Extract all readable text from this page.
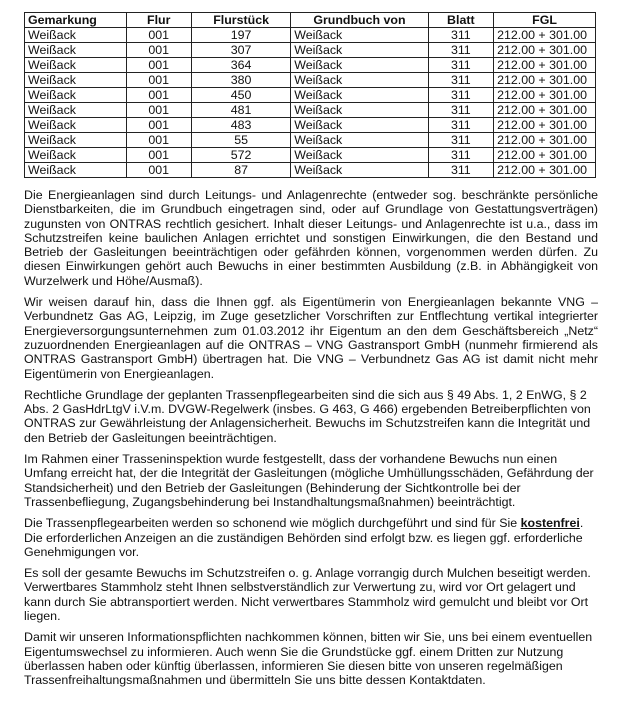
Gemarkung	Flur	Flurstück	Grundbuch von	Blatt	FGL
Weißack	001	197	Weißack	311	212.00 + 301.00
Weißack	001	307	Weißack	311	212.00 + 301.00
Weißack	001	364	Weißack	311	212.00 + 301.00
Weißack	001	380	Weißack	311	212.00 + 301.00
Weißack	001	450	Weißack	311	212.00 + 301.00
Weißack	001	481	Weißack	311	212.00 + 301.00
Weißack	001	483	Weißack	311	212.00 + 301.00
Weißack	001	55	Weißack	311	212.00 + 301.00
Weißack	001	572	Weißack	311	212.00 + 301.00
Weißack	001	87	Weißack	311	212.00 + 301.00

Die Energieanlagen sind durch Leitungs- und Anlagenrechte (entweder sog. beschränkte persönliche Dienstbarkeiten, die im Grundbuch eingetragen sind, oder auf Grundlage von Gestattungsverträgen) zugunsten von ONTRAS rechtlich gesichert. Inhalt dieser Leitungs- und Anlagenrechte ist u.a., dass im Schutzstreifen keine baulichen Anlagen errichtet und sonstigen Einwirkungen, die den Bestand und Betrieb der Gasleitungen beeinträchtigen oder gefährden können, vorgenommen werden dürfen. Zu diesen Einwirkungen gehört auch Bewuchs in einer bestimmten Ausbildung (z.B. in Abhängigkeit von Wurzelwerk und Höhe/Ausmaß).

Wir weisen darauf hin, dass die Ihnen ggf. als Eigentümerin von Energieanlagen bekannte VNG – Verbundnetz Gas AG, Leipzig, im Zuge gesetzlicher Vorschriften zur Entflechtung vertikal integrierter Energieversorgungsunternehmen zum 01.03.2012 ihr Eigentum an den dem Geschäftsbereich „Netz“ zuzuordnenden Energieanlagen auf die ONTRAS – VNG Gastransport GmbH (nunmehr firmierend als ONTRAS Gastransport GmbH) übertragen hat. Die VNG – Verbundnetz Gas AG ist damit nicht mehr Eigentümerin von Energieanlagen.

Rechtliche Grundlage der geplanten Trassenpflegearbeiten sind die sich aus § 49 Abs. 1, 2 EnWG, § 2 Abs. 2 GasHdrLtgV i.V.m. DVGW-Regelwerk (insbes. G 463, G 466) ergebenden Betreiberpflichten von ONTRAS zur Gewährleistung der Anlagensicherheit. Bewuchs im Schutzstreifen kann die Integrität und den Betrieb der Gasleitungen beeinträchtigen.

Im Rahmen einer Trasseninspektion wurde festgestellt, dass der vorhandene Bewuchs nun einen Umfang erreicht hat, der die Integrität der Gasleitungen (mögliche Umhüllungsschäden, Gefährdung der Standsicherheit) und den Betrieb der Gasleitungen (Behinderung der Sichtkontrolle bei der Trassenbefliegung, Zugangsbehinderung bei Instandhaltungsmaßnahmen) beeinträchtigt.

Die Trassenpflegearbeiten werden so schonend wie möglich durchgeführt und sind für Sie kostenfrei. Die erforderlichen Anzeigen an die zuständigen Behörden sind erfolgt bzw. es liegen ggf. erforderliche Genehmigungen vor.

Es soll der gesamte Bewuchs im Schutzstreifen o. g. Anlage vorrangig durch Mulchen beseitigt werden. Verwertbares Stammholz steht Ihnen selbstverständlich zur Verwertung zu, wird vor Ort gelagert und kann durch Sie abtransportiert werden. Nicht verwertbares Stammholz wird gemulcht und bleibt vor Ort liegen.

Damit wir unseren Informationspflichten nachkommen können, bitten wir Sie, uns bei einem eventuellen Eigentumswechsel zu informieren. Auch wenn Sie die Grundstücke ggf. einem Dritten zur Nutzung überlassen haben oder künftig überlassen, informieren Sie diesen bitte von unseren regelmäßigen Trassenfreihaltungsmaßnahmen und übermitteln Sie uns bitte dessen Kontaktdaten.
